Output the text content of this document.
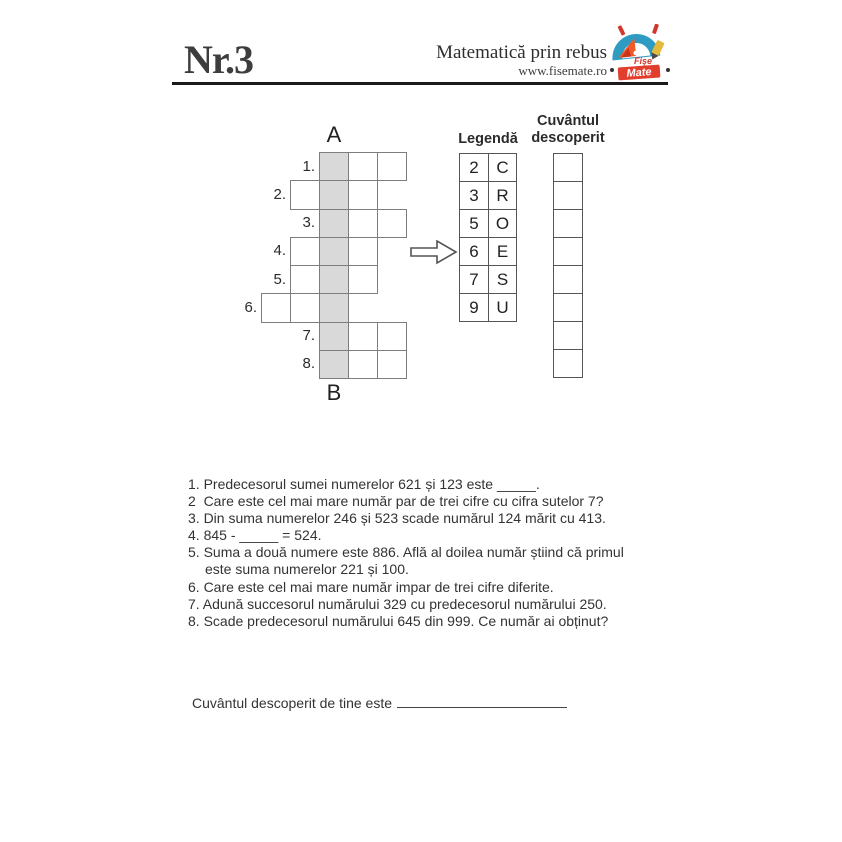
Nr.3	Matematică prin rebus
www.fisemate.ro
Fişe
Mate
A
B
1.
2.
3.
4.
5.
6.
7.
8.
Legendă
Cuvântul
descoperit
2	C
3	R
5	O
6	E
7	S
9	U
1. Predecesorul sumei numerelor 621 și 123 este _____.
2  Care este cel mai mare număr par de trei cifre cu cifra sutelor 7?
3. Din suma numerelor 246 și 523 scade numărul 124 mărit cu 413.
4. 845 - _____ = 524.
5. Suma a două numere este 886. Află al doilea număr știind că primul
este suma numerelor 221 și 100.
6. Care este cel mai mare număr impar de trei cifre diferite.
7. Adună succesorul numărului 329 cu predecesorul numărului 250.
8. Scade predecesorul numărului 645 din 999. Ce număr ai obținut?
Cuvântul descoperit de tine este
